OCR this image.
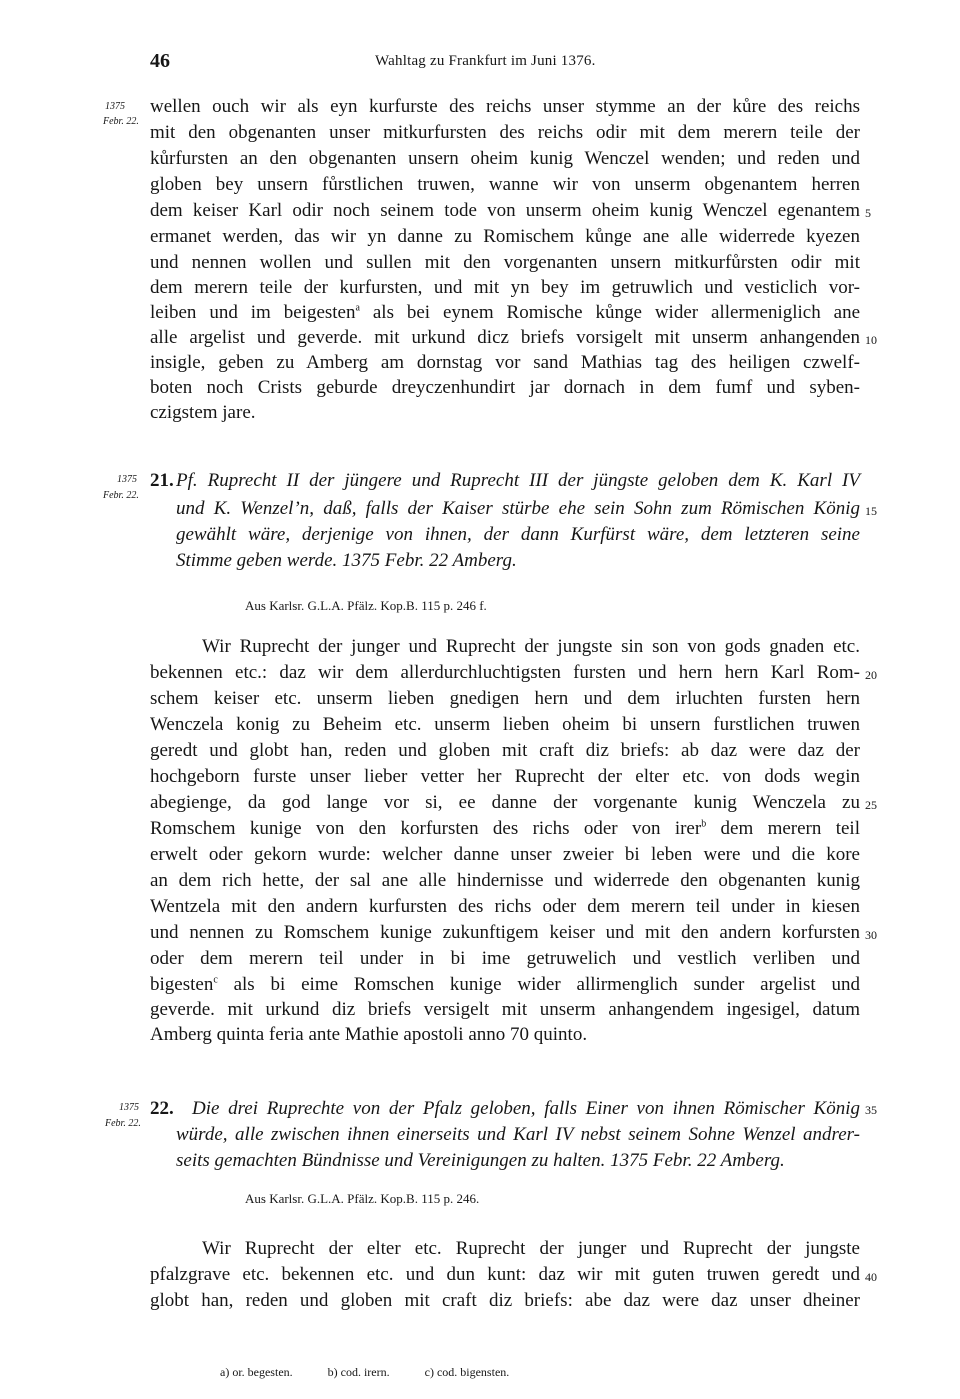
46	Wahltag zu Frankfurt im Juni 1376.
1375
Febr. 22.
wellen ouch wir als eyn kurfurste des reichs unser stymme an der kůre des reichs
mit den obgenanten unser mitkurfursten des reichs odir mit dem merern teile der
kůrfursten an den obgenanten unsern oheim kunig Wenczel wenden; und reden und
globen bey unsern fůrstlichen truwen, wanne wir von unserm obgenantem herren
dem keiser Karl odir noch seinem tode von unserm oheim kunig Wenczel egenantem
ermanet werden, das wir yn danne zu Romischem kůnge ane alle widerrede kyezen
und nennen wollen und sullen mit den vorgenanten unsern mitkurfůrsten odir mit
dem merern teile der kurfursten, und mit yn bey im getruwlich und vesticlich vor-
leiben und im beigesten$^a$ als bei eynem Romische kůnge wider allermeniglich ane
alle argelist und geverde. mit urkund dicz briefs vorsigelt mit unserm anhangenden
insigle, geben zu Amberg am dornstag vor sand Mathias tag des heiligen czwelf-
boten noch Crists geburde dreyczenhundirt jar dornach in dem fumf und syben-
czigstem jare.
1375
Febr. 22.
21. Pf. Ruprecht II der jüngere und Ruprecht III der jüngste geloben dem K. Karl IV
und K. Wenzel’n, daß, falls der Kaiser stürbe ehe sein Sohn zum Römischen König
gewählt wäre, derjenige von ihnen, der dann Kurfürst wäre, dem letzteren seine
Stimme geben werde. 1375 Febr. 22 Amberg.
Aus Karlsr. G.L.A. Pfälz. Kop.B. 115 p. 246 f.
Wir Ruprecht der junger und Ruprecht der jungste sin son von gods gnaden etc.
bekennen etc.: daz wir dem allerdurchluchtigsten fursten und hern hern Karl Rom-
schem keiser etc. unserm lieben gnedigen hern und dem irluchten fursten hern
Wenczela konig zu Beheim etc. unserm lieben oheim bi unsern furstlichen truwen
geredt und globt han, reden und globen mit craft diz briefs: ab daz were daz der
hochgeborn furste unser lieber vetter her Ruprecht der elter etc. von dods wegin
abegienge, da god lange vor si, ee danne der vorgenante kunig Wenczela zu
Romschem kunige von den korfursten des richs oder von irer$^b$ dem merern teil
erwelt oder gekorn wurde: welcher danne unser zweier bi leben were und die kore
an dem rich hette, der sal ane alle hindernisse und widerrede den obgenanten kunig
Wentzela mit den andern kurfursten des richs oder dem merern teil under in kiesen
und nennen zu Romschem kunige zukunftigem keiser und mit den andern korfursten
oder dem merern teil under in bi ime getruwelich und vestlich verliben und
bigesten$^c$ als bi eime Romschen kunige wider allirmenglich sunder argelist und
geverde. mit urkund diz briefs versigelt mit unserm anhangendem ingesigel, datum
Amberg quinta feria ante Mathie apostoli anno 70 quinto.
1375
Febr. 22.
22. Die drei Ruprechte von der Pfalz geloben, falls Einer von ihnen Römischer König
würde, alle zwischen ihnen einerseits und Karl IV nebst seinem Sohne Wenzel andrer-
seits gemachten Bündnisse und Vereinigungen zu halten. 1375 Febr. 22 Amberg.
Aus Karlsr. G.L.A. Pfälz. Kop.B. 115 p. 246.
Wir Ruprecht der elter etc. Ruprecht der junger und Ruprecht der jungste
pfalzgrave etc. bekennen etc. und dun kunt: daz wir mit guten truwen geredt und
globt han, reden und globen mit craft diz briefs: abe daz were daz unser dheiner
5
10
15
20
25
30
35
40
a) or. begesten.	b) cod. irern.	c) cod. bigensten.
